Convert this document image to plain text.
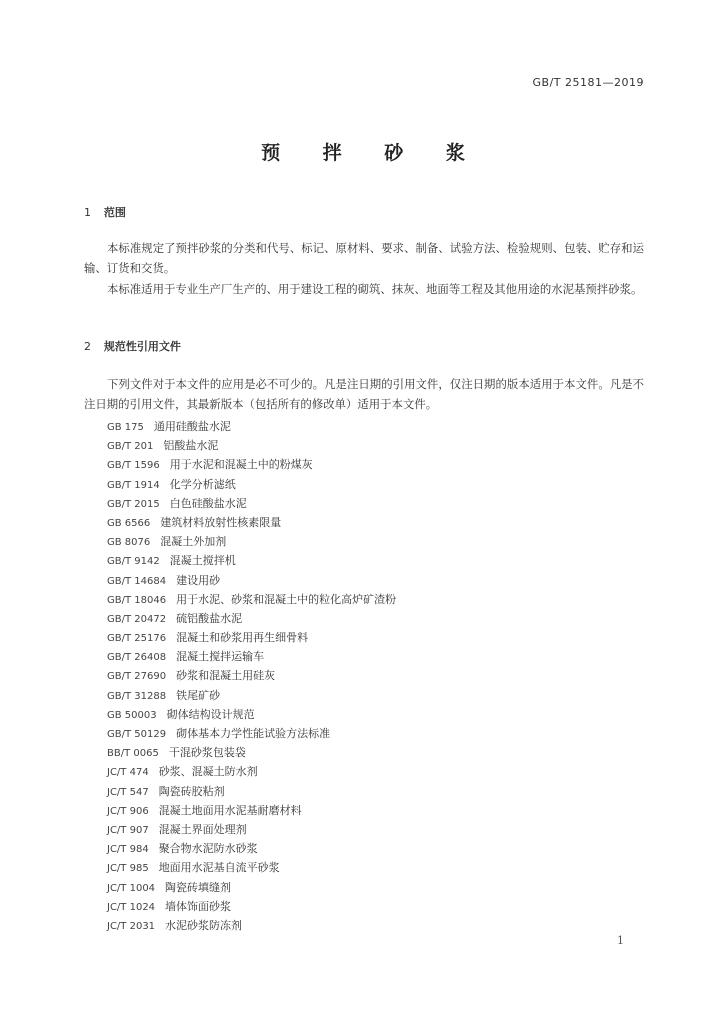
GB/T 25181—2019
预 拌 砂 浆
1 范围
本标准规定了预拌砂浆的分类和代号、标记、原材料、要求、制备、试验方法、检验规则、包装、贮存和运输、订货和交货。
本标准适用于专业生产厂生产的、用于建设工程的砌筑、抹灰、地面等工程及其他用途的水泥基预拌砂浆。
2 规范性引用文件
下列文件对于本文件的应用是必不可少的。凡是注日期的引用文件，仅注日期的版本适用于本文件。凡是不注日期的引用文件，其最新版本（包括所有的修改单）适用于本文件。
GB 175 通用硅酸盐水泥
GB/T 201 铝酸盐水泥
GB/T 1596 用于水泥和混凝土中的粉煤灰
GB/T 1914 化学分析滤纸
GB/T 2015 白色硅酸盐水泥
GB 6566 建筑材料放射性核素限量
GB 8076 混凝土外加剂
GB/T 9142 混凝土搅拌机
GB/T 14684 建设用砂
GB/T 18046 用于水泥、砂浆和混凝土中的粒化高炉矿渣粉
GB/T 20472 硫铝酸盐水泥
GB/T 25176 混凝土和砂浆用再生细骨料
GB/T 26408 混凝土搅拌运输车
GB/T 27690 砂浆和混凝土用硅灰
GB/T 31288 铁尾矿砂
GB 50003 砌体结构设计规范
GB/T 50129 砌体基本力学性能试验方法标准
BB/T 0065 干混砂浆包装袋
JC/T 474 砂浆、混凝土防水剂
JC/T 547 陶瓷砖胶粘剂
JC/T 906 混凝土地面用水泥基耐磨材料
JC/T 907 混凝土界面处理剂
JC/T 984 聚合物水泥防水砂浆
JC/T 985 地面用水泥基自流平砂浆
JC/T 1004 陶瓷砖填缝剂
JC/T 1024 墙体饰面砂浆
JC/T 2031 水泥砂浆防冻剂
1
